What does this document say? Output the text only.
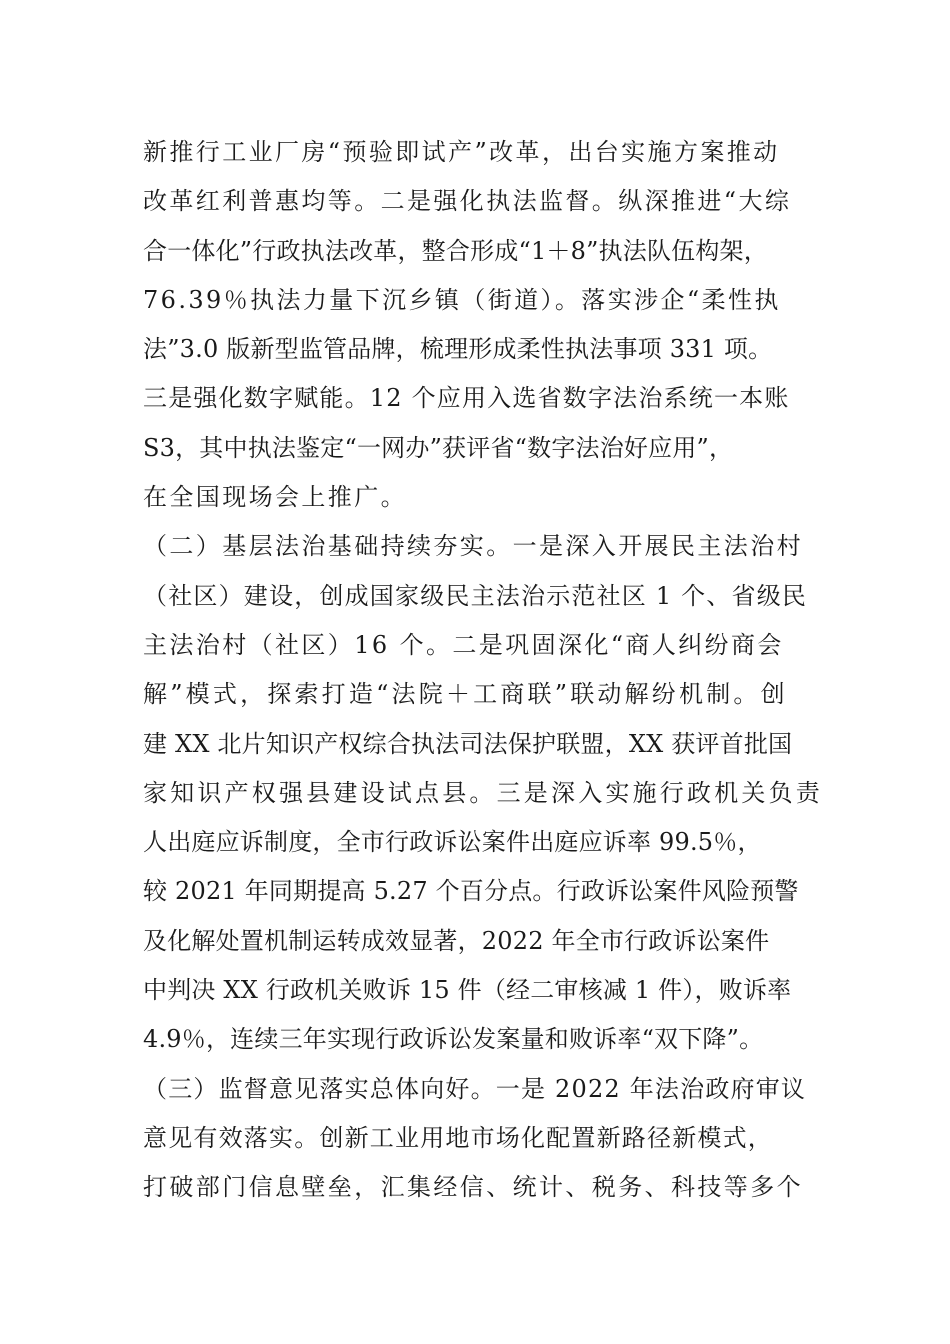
新推行工业厂房“预验即试产”改革，出台实施方案推动
改革红利普惠均等。二是强化执法监督。纵深推进“大综
合一体化”行政执法改革，整合形成“1＋8”执法队伍构架，
76.39％执法力量下沉乡镇（街道）。落实涉企“柔性执
法”3.0 版新型监管品牌，梳理形成柔性执法事项 331 项。
三是强化数字赋能。12 个应用入选省数字法治系统一本账
S3，其中执法鉴定“一网办”获评省“数字法治好应用”，
在全国现场会上推广。
（二）基层法治基础持续夯实。一是深入开展民主法治村
（社区）建设，创成国家级民主法治示范社区 1 个、省级民
主法治村（社区）16 个。二是巩固深化“商人纠纷商会
解”模式，探索打造“法院＋工商联”联动解纷机制。创
建 XX 北片知识产权综合执法司法保护联盟，XX 获评首批国
家知识产权强县建设试点县。三是深入实施行政机关负责
人出庭应诉制度，全市行政诉讼案件出庭应诉率 99.5％，
较 2021 年同期提高 5.27 个百分点。行政诉讼案件风险预警
及化解处置机制运转成效显著，2022 年全市行政诉讼案件
中判决 XX 行政机关败诉 15 件（经二审核减 1 件），败诉率
4.9％，连续三年实现行政诉讼发案量和败诉率“双下降”。
（三）监督意见落实总体向好。一是 2022 年法治政府审议
意见有效落实。创新工业用地市场化配置新路径新模式，
打破部门信息壁垒，汇集经信、统计、税务、科技等多个
